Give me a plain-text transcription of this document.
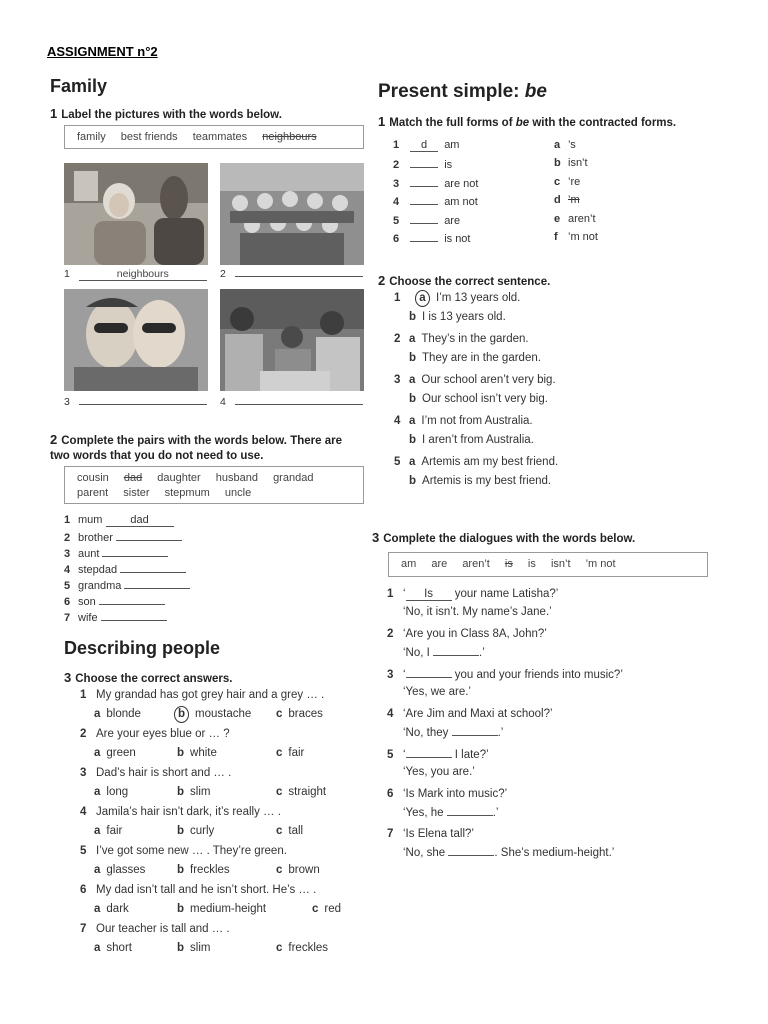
ASSIGNMENT n°2
Family
1 Label the pictures with the words below.
family best friends teammates neighbours
1	neighbours	2
3	4
2 Complete the pairs with the words below. There are
two words that you do not need to use.
cousin dad daughter husband grandad
parent sister stepmum uncle
1 mum	dad
2 brother
3 aunt
4 stepdad
5 grandma
6 son
7 wife
Describing people
3 Choose the correct answers.
1 My grandad has got grey hair and a grey … .
a blonde	b moustache c braces
2 Are your eyes blue or … ?
a green	b white	c fair
3 Dad’s hair is short and … .
a long	b slim	c straight
4 Jamila’s hair isn’t dark, it’s really … .
a fair	b curly	c tall
5 I’ve got some new … . They’re green.
a glasses	b freckles	c brown
6 My dad isn’t tall and he isn’t short. He’s … .
a dark	b medium-height	c red
7 Our teacher is tall and … .
a short	b slim	c freckles
Present simple: be
1 Match the full forms of be with the contracted forms.
1 d am
2	is
3	are not
4	am not
5	are
6	is not
a ’s
b isn’t
c ’re
d ’m
e aren’t
f ’m not
2 Choose the correct sentence.
1 a I’m 13 years old.
b I is 13 years old.
2 a They’s in the garden.
b They are in the garden.
3 a Our school aren’t very big.
b Our school isn’t very big.
4 a I’m not from Australia.
b I aren’t from Australia.
5 a Artemis am my best friend.
b Artemis is my best friend.
3 Complete the dialogues with the words below.
am are aren’t is is isn’t ’m not
1 ‘ Is your name Latisha?’
‘No, it isn’t. My name’s Jane.’
2 ‘Are you in Class 8A, John?’
‘No, I	.’
3 ‘	you and your friends into music?’
‘Yes, we are.’
4 ‘Are Jim and Maxi at school?’
‘No, they	.’
5 ‘	I late?’
‘Yes, you are.’
6 ‘Is Mark into music?’
‘Yes, he	.’
7 ‘Is Elena tall?’
‘No, she	. She’s medium-height.’
